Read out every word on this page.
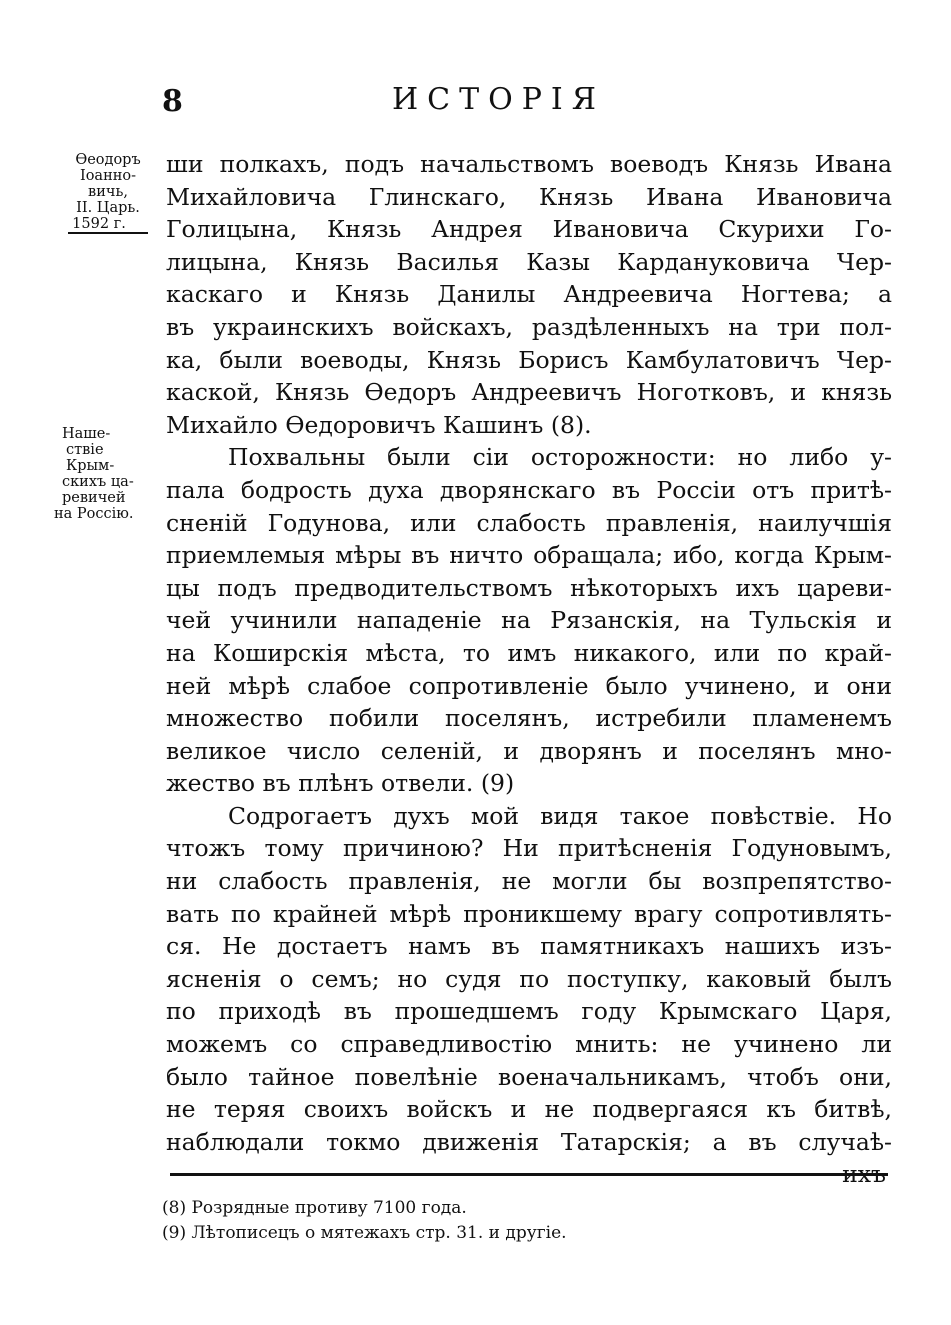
8	ИСТОРІЯ
Ѳеодоръ
Іоанно-
вичь,
II. Царь.
1592 г.
Наше-
ствіе
Крым-
скихъ ца-
ревичей
на Россію.
ши полкахъ, подъ начальствомъ воеводъ Князь Ивана
Михайловича Глинскаго, Князь Ивана Ивановича
Голицына, Князь Андрея Ивановича Скурихи Го-
лицына, Князь Василья Казы Кардануковича Чер-
каскаго и Князь Данилы Андреевича Ногтева; а
въ украинскихъ войскахъ, раздѣленныхъ на три пол-
ка, были воеводы, Князь Борисъ Камбулатовичъ Чер-
каской, Князь Ѳедоръ Андреевичъ Ноготковъ, и князь
Михайло Ѳедоровичъ Кашинъ (8).
Похвальны были сіи осторожности: но либо у-
пала бодрость духа дворянскаго въ Россіи отъ притѣ-
сненій Годунова, или слабость правленія, наилучшія
приемлемыя мѣры въ ничто обращала; ибо, когда Крым-
цы подъ предводительствомъ нѣкоторыхъ ихъ цареви-
чей учинили нападеніе на Рязанскія, на Тульскія и
на Коширскія мѣста, то имъ никакого, или по край-
ней мѣрѣ слабое сопротивленіе было учинено, и они
множество побили поселянъ, истребили пламенемъ
великое число селеній, и дворянъ и поселянъ мно-
жество въ плѣнъ отвели. (9)
Содрогаетъ духъ мой видя такое повѣствіе. Но
чтожъ тому причиною? Ни притѣсненія Годуновымъ,
ни слабость правленія, не могли бы возпрепятство-
вать по крайней мѣрѣ проникшему врагу сопротивлять-
ся. Не достаетъ намъ въ памятникахъ нашихъ изъ-
ясненія о семъ; но судя по поступку, каковый былъ
по приходѣ въ прошедшемъ году Крымскаго Царя,
можемъ со справедливостію мнить: не учинено ли
было тайное повелѣніе военачальникамъ, чтобъ они,
не теряя своихъ войскъ и не подвергаяся къ битвѣ,
наблюдали токмо движенія Татарскія; а въ случаѣ-
ихъ
(8) Розрядные противу 7100 года.
(9) Лѣтописецъ о мятежахъ стр. 31. и другіе.
